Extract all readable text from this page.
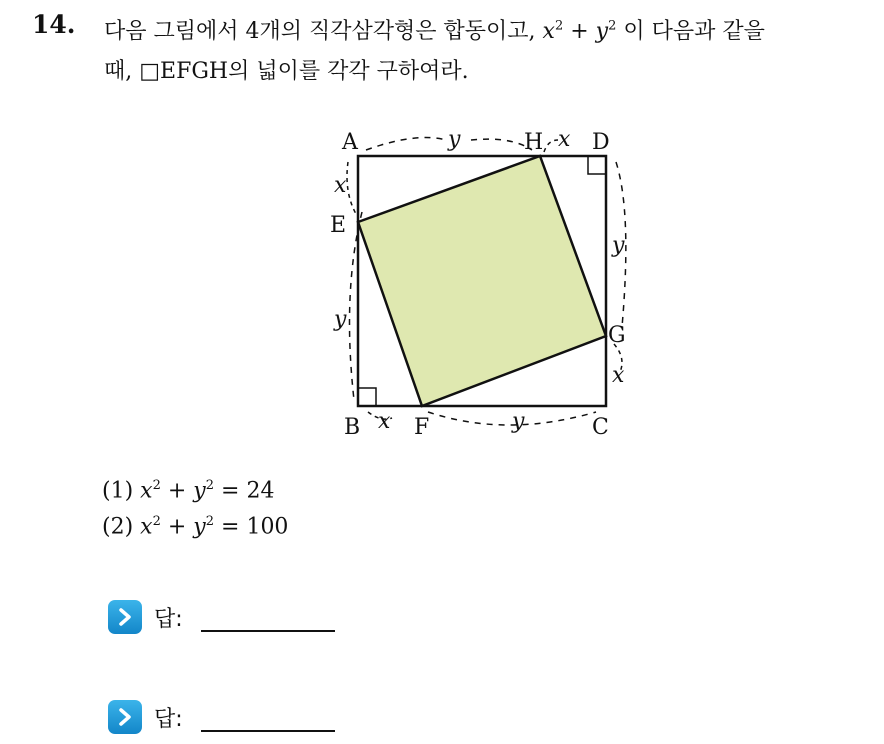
14. 다음 그림에서 4개의 직각삼각형은 합동이고, $x^2 + y^2$ 이 다음과 같을
때, □EFGH의 넓이를 각각 구하여라.
A	H D
E
G
B F	C
y	x
x
y
y
x
x	y
(1) $x^2 + y^2 = 24$
(2) $x^2 + y^2 = 100$
답:
답:
